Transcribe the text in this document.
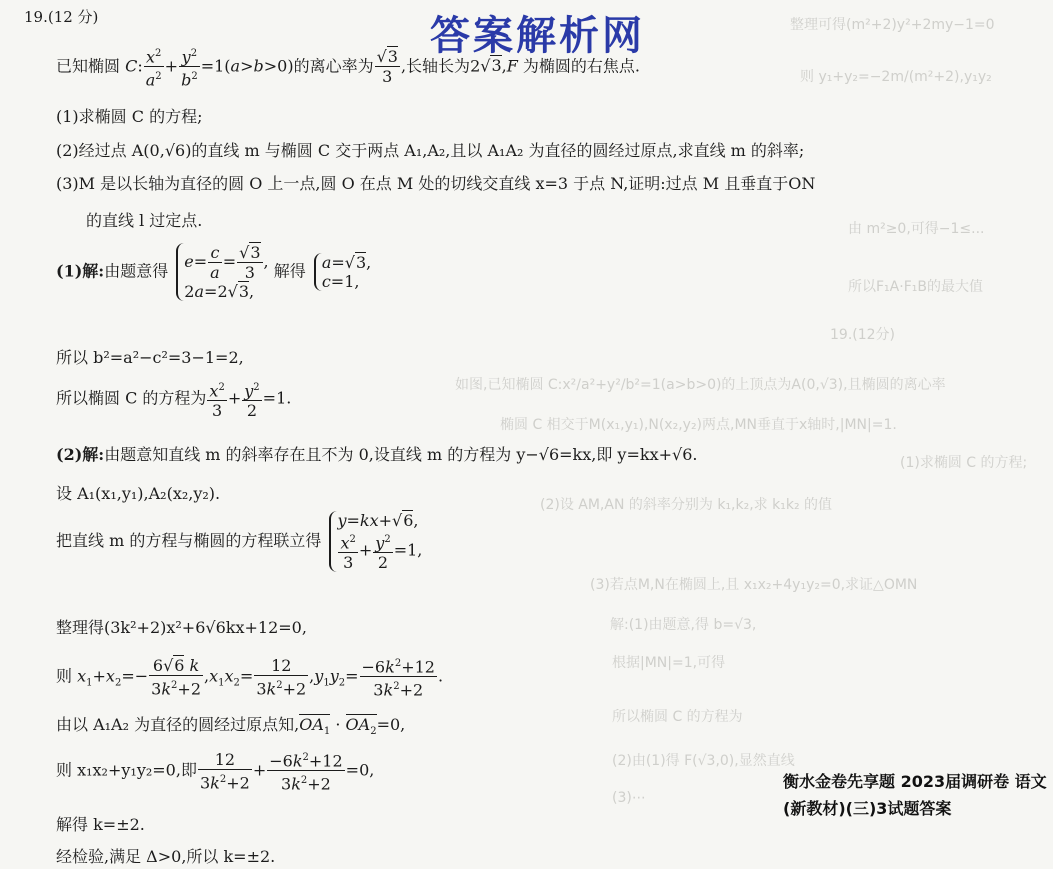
整理可得(m²+2)y²+2my−1=0
则 y₁+y₂=−2m/(m²+2),y₁y₂
由 m²≥0,可得−1≤...
所以F₁A·F₁B的最大值
19.(12分)
如图,已知椭圆 C:x²/a²+y²/b²=1(a>b>0)的上顶点为A(0,√3),且椭圆的离心率
椭圆 C 相交于M(x₁,y₁),N(x₂,y₂)两点,MN垂直于x轴时,|MN|=1.
(1)求椭圆 C 的方程;
(2)设 AM,AN 的斜率分别为 k₁,k₂,求 k₁k₂ 的值
(3)若点M,N在椭圆上,且 x₁x₂+4y₁y₂=0,求证△OMN
解:(1)由题意,得 b=√3,
根据|MN|=1,可得
所以椭圆 C 的方程为
(2)由(1)得 F(√3,0),显然直线
(3)⋯
19.(12 分)	答案解析网
已知椭圆 C: $\frac{x^2}{a^2} + \frac{y^2}{b^2} =1(a>b>0)$的离心率为 $\frac{√3}{3}$ ,长轴长为2√3,F 为椭圆的右焦点.
(1)求椭圆 C 的方程;
(2)经过点 A(0,√6)的直线 m 与椭圆 C 交于两点 A₁,A₂,且以 A₁A₂ 为直径的圆经过原点,求直线 m 的斜率;
(3)M 是以长轴为直径的圆 O 上一点,圆 O 在点 M 处的切线交直线 x=3 于点 N,证明:过点 M 且垂直于ON
的直线 l 过定点.
(1)解:由题意得 $e= \frac{c}{a} = \frac{√3}{3}$ ,
2a=2√3,
解得 a=√3,
c=1,
所以 b²=a²−c²=3−1=2,
所以椭圆 C 的方程为 $\frac{x^2}{3} + \frac{y^2}{2} =1$.
(2)解:由题意知直线 m 的斜率存在且不为 0,设直线 m 的方程为 y−√6=kx,即 y=kx+√6.
设 A₁(x₁,y₁),A₂(x₂,y₂).
把直线 m 的方程与椭圆的方程联立得
y=kx+√6,
$\frac{x^2}{3} + \frac{y^2}{2} =1$,
整理得(3k²+2)x²+6√6kx+12=0,
则 $x_1+x_2=- \frac{6√6 k}{3k^2+2} ,x_1x_2= \frac{12}{3k^2+2} ,y_1y_2= \frac{-6k^2+12}{3k^2+2}$ .
由以 A₁A₂ 为直径的圆经过原点知$,OA_1 \cdot OA_2=0$,
则 x₁x₂+y₁y₂=0,即 $\frac{12}{3k^2+2} + \frac{-6k^2+12}{3k^2+2} =0$,
解得 k=±2.
经检验,满足 Δ>0,所以 k=±2.
衡水金卷先享题 2023届调研卷 语文(新教材)(三)3试题答案
